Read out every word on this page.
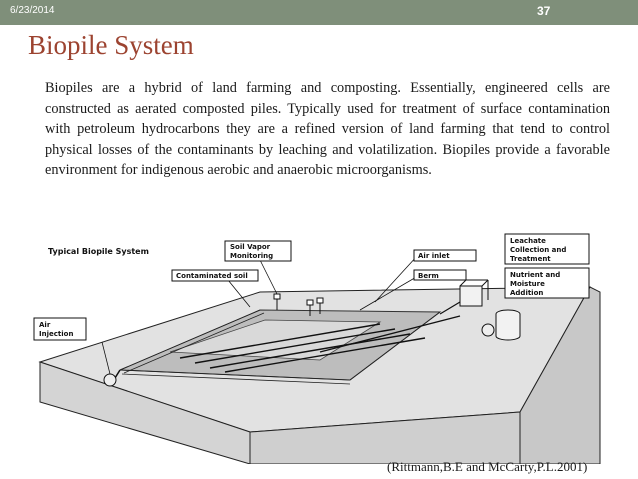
6/23/2014	37
Biopile System

Biopiles are a hybrid of land farming and composting. Essentially, engineered cells are constructed as aerated composted piles. Typically used for treatment of surface contamination with petroleum hydrocarbons they are a refined version of land farming that tend to control physical losses of the contaminants by leaching and volatilization. Biopiles provide a favorable environment for indigenous aerobic and anaerobic microorganisms.

Typical Biopile System	Soil Vapor
Monitoring
Contaminated soil
Air inlet
Berm
Leachate
Collection and
Treatment
Nutrient and
Moisture
Addition
Air
Injection
(Rittmann,B.E and McCarty,P.L.2001)
